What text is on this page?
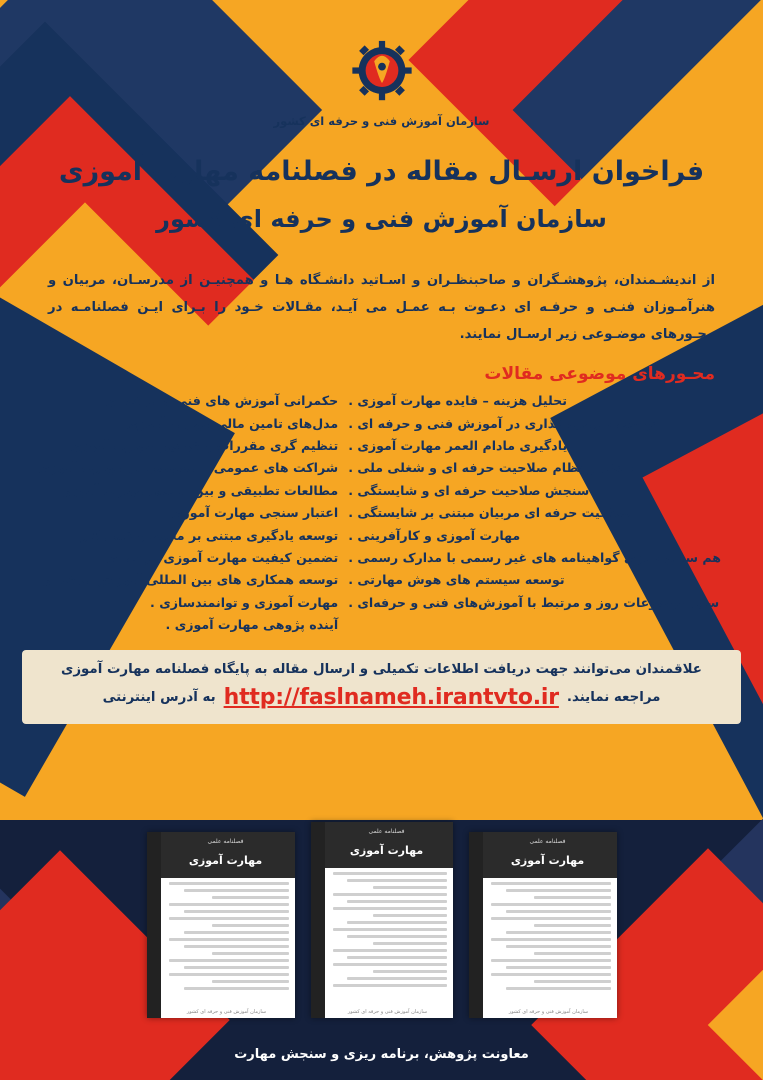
سازمان آموزش فنی و حرفه ای کشور
فراخوان ارسـال مقاله در فصلنامه مهارت آموزی
سازمان آموزش فنی و حرفه ای کشور
از اندیشـمندان، پژوهشـگران و صاحبنظـران و اسـاتید دانشـگاه هـا و همچنیـن از مدرسـان، مربیان و هنرآمـوزان فنـی و حرفـه ای دعـوت بـه عمـل می آیـد، مقـالات خـود را بـرای ایـن فصلنامـه در محـورهای موضـوعی زیر ارسـال نمایند.
محـورهای موضوعی مقالات
تحلیل هزینه – فایده مهارت آموزی .
توسعه سرمایه گذاری در آموزش فنی و حرفه ای .
یادگیری مادام العمر مهارت آموزی .
استقرار نظام صلاحیت حرفه ای و شغلی ملی .
سنجش صلاحیت حرفه ای و شایستگی .
صلاحیت حرفه ای مربیان مبتنی بر شایستگی .
مهارت آموزی و کارآفرینی .
هم سطح سازی گواهینامه های غیر رسمی با مدارک رسمی .
توسعه سیستم های هوش مهارتی .
سایر موضوعات روز و مرتبط با آموزش‌های فنی و حرفه‌ای .
حکمرانی آموزش های فنی و حرفه ای .
مدل‌های تامین مالی مهارت آموزی .
تنظیم گری مقررات و قوانین مهارت آموزی .
شراکت های عمومی – خصوصی در مهارت آموزی .
مطالعات تطبیقی و بین المللی مهارت آموزی .
اعتبار سنجی مهارت آموزی .
توسعه یادگیری مبتنی بر محیط واقعی کار .
تضمین کیفیت مهارت آموزی حرفه ای .
توسعه همکاری های بین المللی آموزش حرفه ای .
مهارت آموزی و توانمندسازی .
آینده پژوهی مهارت آموزی .
علاقمندان می‌توانند جهت دریافت اطلاعات تکمیلی و ارسال مقاله به پایگاه فصلنامه مهارت آموزی
مراجعه نمایند.
http://faslnameh.irantvto.ir
به آدرس اینترنتی
فصلنامه علمی
مهارت آموزی
سازمان آموزش فنی و حرفه ای کشور
فصلنامه علمی
مهارت آموزی
سازمان آموزش فنی و حرفه ای کشور
فصلنامه علمی
مهارت آموزی
سازمان آموزش فنی و حرفه ای کشور
معاونت پژوهش، برنامه ریزی و سنجش مهارت
